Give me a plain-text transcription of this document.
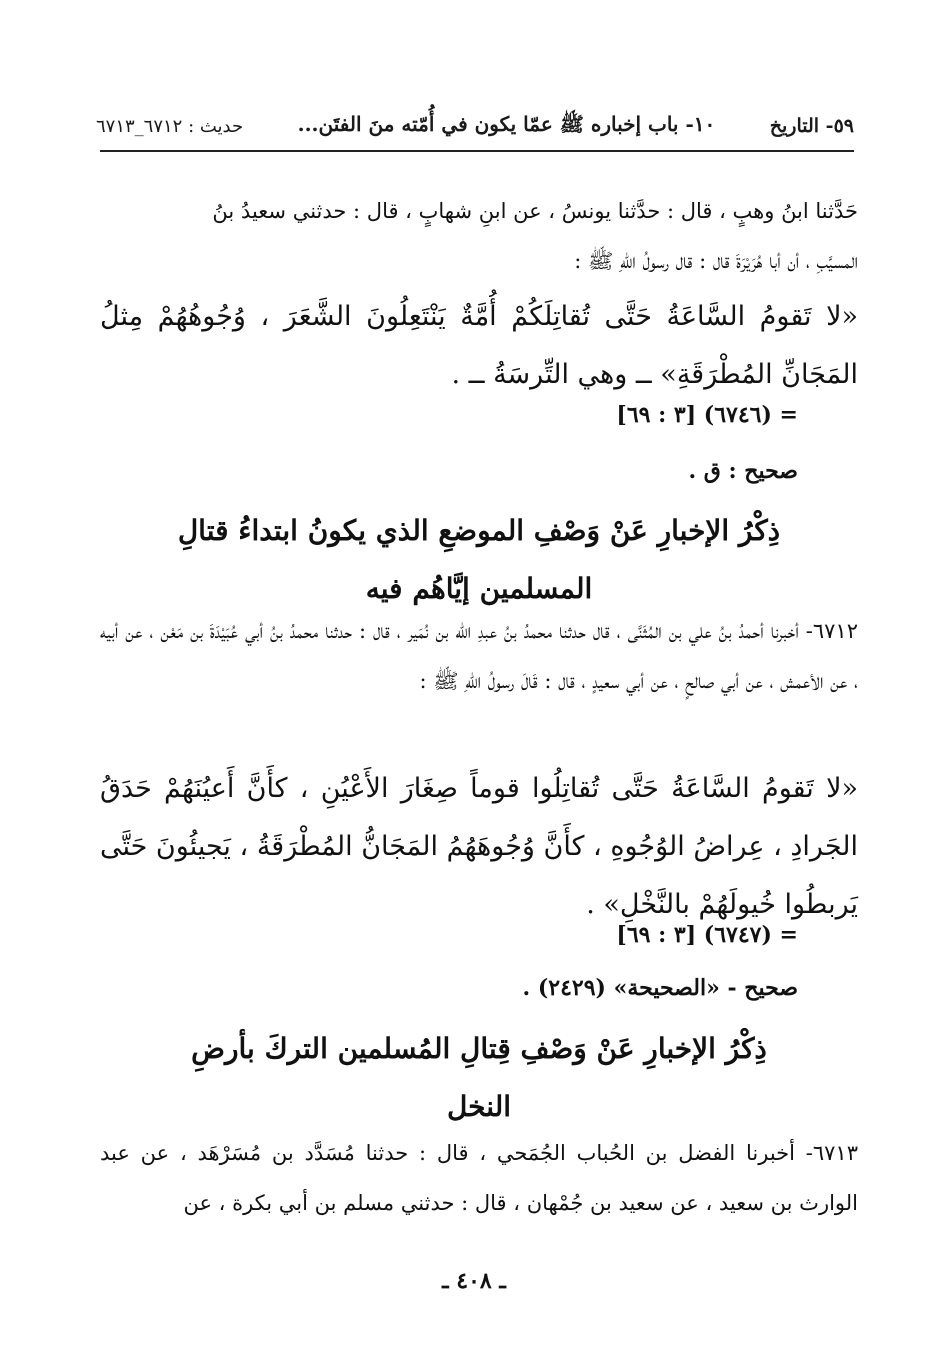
٥٩- التاريخ
١٠- باب إخباره ﷺ عمّا يكون في أُمّته منَ الفتَن...
حديث : ٦٧١٢_٦٧١٣
حَدَّثنا ابنُ وهبٍ ، قال : حدَّثنا يونسُ ، عن ابنِ شهابٍ ، قال : حدثني سعيدُ بنُ
المسيَّبِ ، أن أبا هُرَيْرَةَ قال : قال رسولُ اللّهِ ﷺ :
«لا تَقومُ السَّاعَةُ حَتَّى تُقاتِلَكُمْ أُمَّةٌ يَنْتَعِلُونَ الشَّعَرَ ، وُجُوهُهُمْ مِثلُ المَجَانِّ المُطْرَقَةِ» ــ وهي التِّرسَةُ ــ .
= (٦٧٤٦) [٣ : ٦٩]
صحيح : ق .
ذِكْرُ الإخبارِ عَنْ وَصْفِ الموضعِ الذي يكونُ ابتداءُ قتالِ
المسلمين إيَّاهُم فيه
٦٧١٢- أخبرنا أحمدُ بنُ علي بن المُثَنَّى ، قال حدثنا محمدُ بنُ عبدِ اللّه بن نُمَير ، قال : حدثنا محمدُ بنُ أبي عُبَيْدَةَ بن مَعْن ، عن أبيه ، عن الأعمش ، عن أبي صالحٍ ، عن أبي سعيدٍ ، قال : قَالَ رسولُ اللّهِ ﷺ :
«لا تَقومُ السَّاعَةُ حَتَّى تُقاتِلُوا قوماً صِغَارَ الأَعْيُنِ ، كأَنَّ أَعيُنَهُمْ حَدَقُ الجَرادِ ، عِراضُ الوُجُوهِ ، كأَنَّ وُجُوهَهُمُ المَجَانُّ المُطْرَقَةُ ، يَجيئُونَ حَتَّى يَربطُوا خُيولَهُمْ بالنَّخْلِ» .
= (٦٧٤٧) [٣ : ٦٩]
صحيح - «الصحيحة» (٢٤٢٩) .
ذِكْرُ الإخبارِ عَنْ وَصْفِ قِتالِ المُسلمين التركَ بأرضِ
النخل
٦٧١٣- أخبرنا الفضل بن الحُباب الجُمَحي ، قال : حدثنا مُسَدَّد بن مُسَرْهَد ، عن عبد الوارث بن سعيد ، عن سعيد بن جُمْهان ، قال : حدثني مسلم بن أبي بكرة ، عن
ـ ٤٠٨ ـ
